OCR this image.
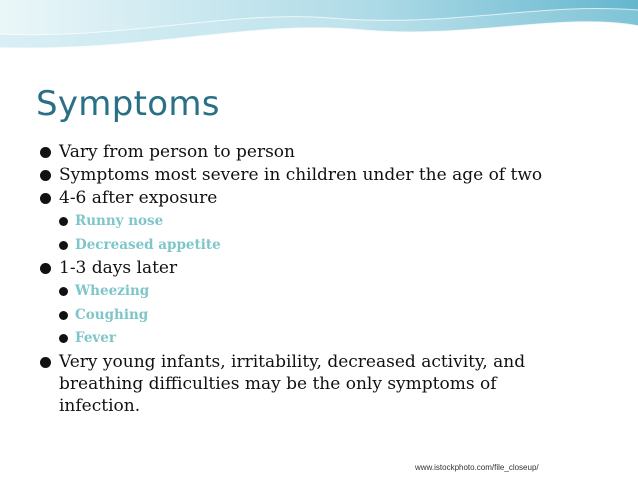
Symptoms
Vary from person to person
Symptoms most severe in children under the age of two
4-6 after exposure
Runny nose
Decreased appetite
1-3 days later
Wheezing
Coughing
Fever
Very young infants, irritability, decreased activity, and breathing difficulties may be the only symptoms of infection.
www.istockphoto.com/file_closeup/
